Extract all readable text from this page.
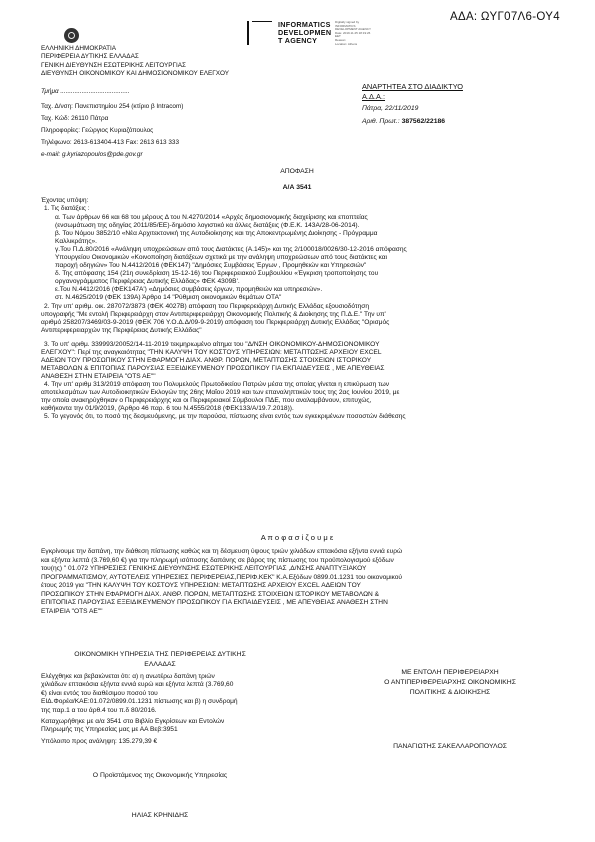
ΑΔΑ: ΩΥΓ07Λ6-ΟΥ4
INFORMATICS
DEVELOPMEN
T AGENCY
Digitally signed by
INFORMATICS
DEVELOPMENT AGENCY
Date: 2019.11.25 18:19:26
EET
Reason:
Location: Athens
ΕΛΛΗΝΙΚΗ ΔΗΜΟΚΡΑΤΙΑ
ΠΕΡΙΦΕΡΕΙΑ ΔΥΤΙΚΗΣ ΕΛΛΑΔΑΣ
ΓΕΝΙΚΗ ΔΙΕΥΘΥΝΣΗ ΕΣΩΤΕΡΙΚΗΣ ΛΕΙΤΟΥΡΓΙΑΣ
ΔΙΕΥΘΥΝΣΗ ΟΙΚΟΝΟΜΙΚΟΥ ΚΑΙ ΔΗΜΟΣΙΟΝΟΜΙΚΟΥ ΕΛΕΓΧΟΥ
Τμήμα .......................................
Ταχ. Δ/νση: Πανεπιστημίου 254 (κτίριο β Intracom)
Ταχ. Κώδ: 26110 Πάτρα
Πληροφορίες: Γεώργιος Κυριαζόπουλος
Τηλέφωνο: 2613-613404-413 Fax: 2613 613 333
e-mail: g.kyriazopoulos@pde.gov.gr
ΑΝΑΡΤΗΤΕΑ ΣΤΟ ΔΙΑΔΙΚΤΥΟ
Α.Δ.Α.:
Πάτρα, 22/11/2019
Αριθ. Πρωτ.: 387562/22186
ΑΠΟΦΑΣΗ
Α/Α 3541
Έχοντας υπόψη:
1. Τις διατάξεις :
α. Των άρθρων 66 και 68 του μέρους Δ του Ν.4270/2014 «Αρχές δημοσιονομικής διαχείρισης και εποπτείας
(ενσωμάτωση της οδηγίας 2011/85/ΕΕ)-δημόσιο λογιστικό κα άλλες διατάξεις (Φ.Ε.Κ. 143Α/28-06-2014).
β. Του Νόμου 3852/10 «Νέα Αρχιτεκτονική της Αυτοδιοίκησης και της Αποκεντρωμένης Διοίκησης - Πρόγραμμα
Καλλικράτης».
γ.Του Π.Δ.80/2016 «Ανάληψη υποχρεώσεων από τους Διατάκτες (Α.145)» και της 2/100018/0026/30-12-2016 απόφασης
Υπουργείου Οικονομικών «Κοινοποίηση διατάξεων σχετικά με την ανάληψη υποχρεώσεων από τους διατάκτες και
παροχή οδηγιών» Του Ν.4412/2016 (ΦΕΚ147) "Δημόσιες Συμβάσεις Έργων , Προμηθειών και Υπηρεσιών"
δ. Της απόφασης 154 (21η συνεδρίαση 15-12-16) του Περιφερειακού Συμβουλίου «Έγκριση τροποποίησης του
οργανογράμματος Περιφέρειας Δυτικής Ελλάδας» ΦΕΚ 4309Β'.
ε.Του Ν.4412/2016 (ΦΕΚ147Α') «Δημόσιες συμβάσεις έργων, προμηθειών και υπηρεσιών».
στ. Ν.4625/2019 (ΦΕΚ 139Α) Άρθρο 14 "Ρύθμιση οικονομικών θεμάτων ΟΤΑ"
2. Την υπ' αριθμ. οικ. 287072/3873 (ΦΕΚ 4027Β) απόφαση του Περιφερειάρχη Δυτικής Ελλάδας εξουσιοδότηση
υπογραφής "Με εντολή Περιφερειάρχη στον Αντιπεριφερειάρχη Οικονομικής Πολιτικής & Διοίκησης της Π.Δ.Ε." Την υπ'
αριθμό 258207/3469/03-9-2019 (ΦΕΚ 706 Υ.Ο.Δ.Δ/09-9-2019) απόφαση του Περιφερειάρχη Δυτικής Ελλάδας "Ορισμός
Αντιπεριφερειαρχών της Περιφέρειας Δυτικής Ελλάδας"
3. Το υπ' αριθμ. 339993/20052/14-11-2019 τεκμηριωμένο αίτημα του "Δ/ΝΣΗ ΟΙΚΟΝΟΜΙΚΟΥ-ΔΗΜΟΣΙΟΝΟΜΙΚΟΥ
ΕΛΕΓΧΟΥ": Περί της αναγκαιότητας "ΤΗΝ ΚΑΛΥΨΗ ΤΟΥ ΚΟΣΤΟΥΣ ΥΠΗΡΕΣΙΩΝ: ΜΕΤΑΠΤΩΣΗΣ ΑΡΧΕΙΟΥ EXCEL
ΑΔΕΙΩΝ ΤΟΥ ΠΡΟΣΩΠΙΚΟΥ ΣΤΗΝ ΕΦΑΡΜΟΓΗ ΔΙΑΧ. ΑΝΘΡ. ΠΟΡΩΝ, ΜΕΤΑΠΤΩΣΗΣ ΣΤΟΙΧΕΙΩΝ ΙΣΤΟΡΙΚΟΥ
ΜΕΤΑΒΟΛΩΝ & ΕΠΙΤΟΠΙΑΣ ΠΑΡΟΥΣΙΑΣ ΕΞΕΙΔΙΚΕΥΜΕΝΟΥ ΠΡΟΣΩΠΙΚΟΥ ΓΙΑ ΕΚΠΑΙΔΕΥΣΕΙΣ , ΜΕ ΑΠΕΥΘΕΙΑΣ
ΑΝΑΘΕΣΗ ΣΤΗΝ ΕΤΑΙΡΕΙΑ "OTS AE""
4. Την υπ' αριθμ 313/2019 απόφαση του Πολυμελούς Πρωτοδικείου Πατρών μέσα της οποίας γίνεται η επικύρωση των
αποτελεσμάτων των Αυτοδιοικητικών Εκλογών της 26ης Μαΐου 2019 και των επαναληπτικών τους της 2ας Ιουνίου 2019, με
την οποία ανακηρύχθηκαν ο Περιφερειάρχης και οι Περιφερειακοί Σύμβουλοι ΠΔΕ, που αναλαμβάνουν, επιτυχώς,
καθήκοντα την 01/9/2019, (Άρθρο 46 παρ. 6 του Ν.4555/2018 (ΦΕΚ133/Α/19.7.2018)).
5. Το γεγονός ότι, το ποσό της δεσμευόμενης, με την παρούσα, πίστωσης είναι εντός των εγκεκριμένων ποσοστών διάθεσης
Α π ο φ α σ ί ζ ο υ μ ε
Εγκρίνουμε την δαπάνη, την διάθεση πίστωσης καθώς και τη δέσμευση ύψους τριών χιλιάδων επτακόσια εξήντα εννιά ευρώ
και εξήντα λεπτά (3.769,60 €) για την πληρωμή ισόποσης δαπάνης σε βάρος της πίστωσης του προϋπολογισμού εξόδων
του(ης) " 01.072 ΥΠΗΡΕΣΙΕΣ ΓΕΝΙΚΗΣ ΔΙΕΥΘΥΝΣΗΣ ΕΣΩΤΕΡΙΚΗΣ ΛΕΙΤΟΥΡΓΙΑΣ ,Δ/ΝΣΗΣ ΑΝΑΠΤΥΞΙΑΚΟΥ
ΠΡΟΓΡΑΜΜΑΤΙΣΜΟΥ, ΑΥΤΟΤΕΛΕΙΣ ΥΠΗΡΕΣΙΕΣ ΠΕΡΙΦΕΡΕΙΑΣ,ΠΕΡΙΦ.ΚΕΚ" Κ.Α.Εξόδων 0899.01.1231 του οικονομικού
έτους 2019 για "ΤΗΝ ΚΑΛΥΨΗ ΤΟΥ ΚΟΣΤΟΥΣ ΥΠΗΡΕΣΙΩΝ: ΜΕΤΑΠΤΩΣΗΣ ΑΡΧΕΙΟΥ EXCEL ΑΔΕΙΩΝ ΤΟΥ
ΠΡΟΣΩΠΙΚΟΥ ΣΤΗΝ ΕΦΑΡΜΟΓΗ ΔΙΑΧ. ΑΝΘΡ. ΠΟΡΩΝ, ΜΕΤΑΠΤΩΣΗΣ ΣΤΟΙΧΕΙΩΝ ΙΣΤΟΡΙΚΟΥ ΜΕΤΑΒΟΛΩΝ &
ΕΠΙΤΟΠΙΑΣ ΠΑΡΟΥΣΙΑΣ ΕΞΕΙΔΙΚΕΥΜΕΝΟΥ ΠΡΟΣΩΠΙΚΟΥ ΓΙΑ ΕΚΠΑΙΔΕΥΣΕΙΣ , ΜΕ ΑΠΕΥΘΕΙΑΣ ΑΝΑΘΕΣΗ ΣΤΗΝ
ΕΤΑΙΡΕΙΑ "OTS AE""
ΟΙΚΟΝΟΜΙΚΗ ΥΠΗΡΕΣΙΑ ΤΗΣ ΠΕΡΙΦΕΡΕΙΑΣ ΔΥΤΙΚΗΣ
ΕΛΛΑΔΑΣ
Ελέγχθηκε και βεβαιώνεται ότι: α) η ανωτέρω δαπάνη τριών
χιλιάδων επτακόσια εξήντα εννιά ευρώ και εξήντα λεπτά (3.769,60
€) είναι εντός του διαθέσιμου ποσού του
ΕΙΔ.Φορέα/ΚΑΕ:01.072/0899.01.1231 πίστωσης και β) η συνδρομή
της παρ.1 α του άρθ.4 του π.δ 80/2016.
Καταχωρήθηκε με α/α 3541 στο Βιβλίο Εγκρίσεων και Εντολών
Πληρωμής της Υπηρεσίας μας με ΑΑ Βεβ:3951
Υπόλοιπο προς ανάληψη: 135.279,39 €
Ο Προϊστάμενος της Οικονομικής Υπηρεσίας
ΗΛΙΑΣ ΚΡΗΝΙΔΗΣ
ΜΕ ΕΝΤΟΛΗ ΠΕΡΙΦΕΡΕΙΑΡΧΗ
Ο ΑΝΤΙΠΕΡΙΦΕΡΕΙΑΡΧΗΣ ΟΙΚΟΝΟΜΙΚΗΣ
ΠΟΛΙΤΙΚΗΣ & ΔΙΟΙΚΗΣΗΣ
ΠΑΝΑΓΙΩΤΗΣ ΣΑΚΕΛΛΑΡΟΠΟΥΛΟΣ
